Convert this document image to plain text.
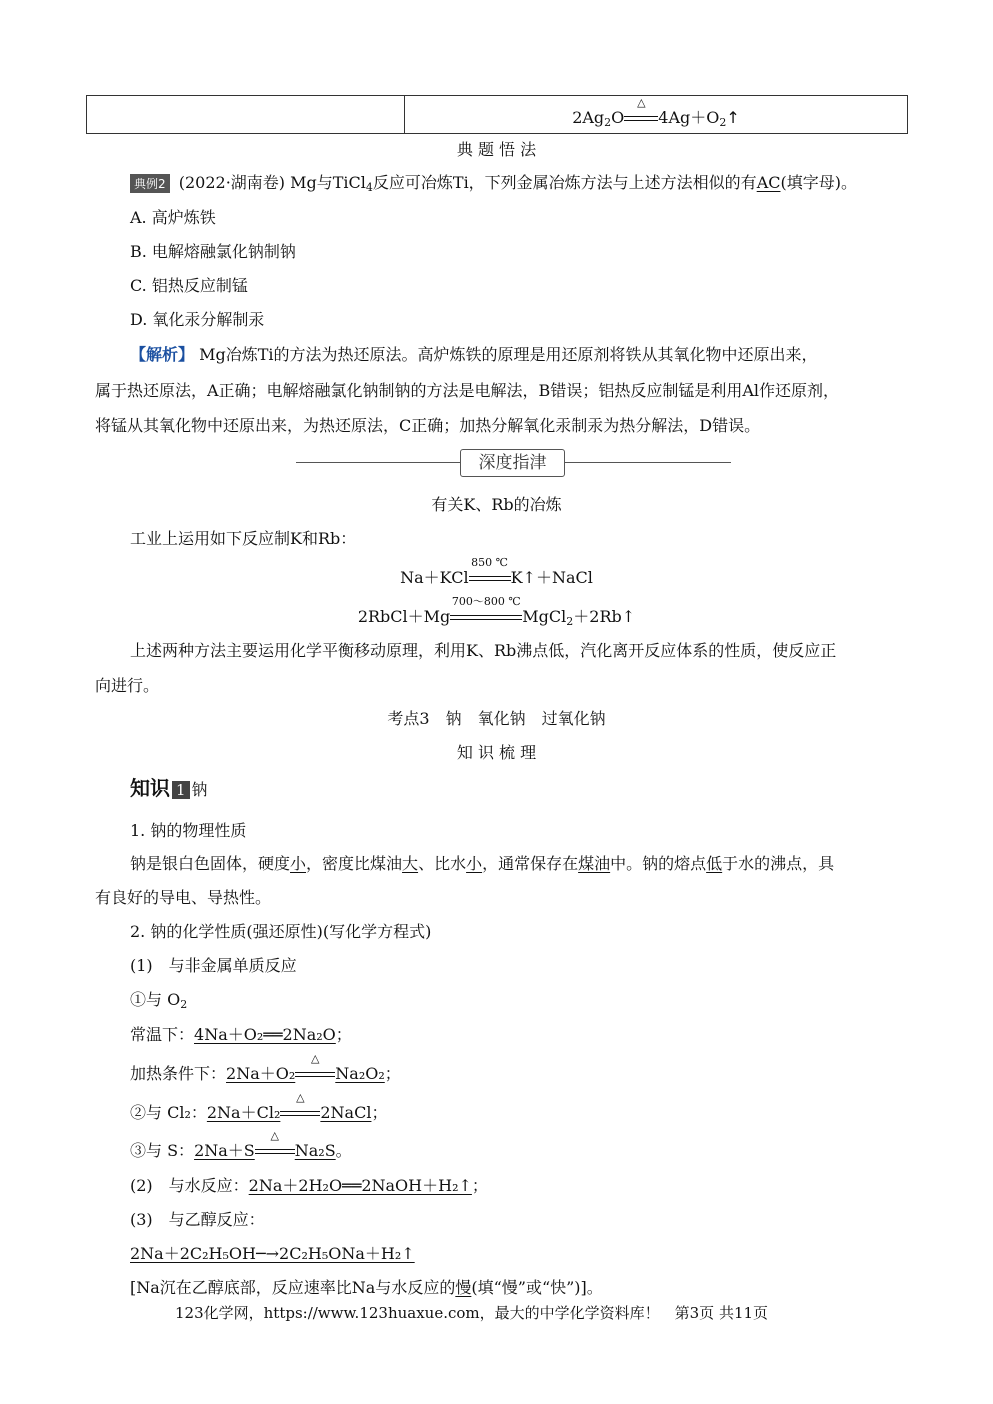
	$2Ag_2O$
△
$4Ag+O_2↑$
典 题 悟 法
典例2 (2022·湖南卷) Mg与TiCl$_4$反应可冶炼Ti，下列金属冶炼方法与上述方法相似的有AC(填字母)。
A. 高炉炼铁
B. 电解熔融氯化钠制钠
C. 铝热反应制锰
D. 氧化汞分解制汞
【解析】 Mg冶炼Ti的方法为热还原法。高炉炼铁的原理是用还原剂将铁从其氧化物中还原出来，
属于热还原法，A正确；电解熔融氯化钠制钠的方法是电解法，B错误；铝热反应制锰是利用Al作还原剂，
将锰从其氧化物中还原出来，为热还原法，C正确；加热分解氧化汞制汞为热分解法，D错误。
深度指津
有关K、Rb的冶炼
工业上运用如下反应制K和Rb：
Na＋KCl
850 ℃
K↑＋NaCl
2RbCl＋Mg
700～800 ℃
MgCl$_2$＋2Rb↑
上述两种方法主要运用化学平衡移动原理，利用K、Rb沸点低，汽化离开反应体系的性质，使反应正
向进行。
考点3　钠　氧化钠　过氧化钠
知 识 梳 理
知识 1 钠
1. 钠的物理性质
钠是银白色固体，硬度小，密度比煤油大、比水小，通常保存在煤油中。钠的熔点低于水的沸点，具
有良好的导电、导热性。
2. 钠的化学性质(强还原性)(写化学方程式)
(1)　与非金属单质反应
①与 $O_2$
常温下：4Na＋O₂══2Na₂O；
加热条件下：2Na＋O₂
△
Na₂O₂；
②与 Cl₂：2Na＋Cl₂
△
2NaCl；
③与 S：2Na＋S
△
Na₂S。
(2)　与水反应：2Na＋2H₂O══2NaOH＋H₂↑；
(3)　与乙醇反应：
2Na＋2C₂H₅OH─→2C₂H₅ONa＋H₂↑
[Na沉在乙醇底部，反应速率比Na与水反应的慢(填“慢”或“快”)]。
123化学网，https://www.123huaxue.com，最大的中学化学资料库！　第3页 共11页
